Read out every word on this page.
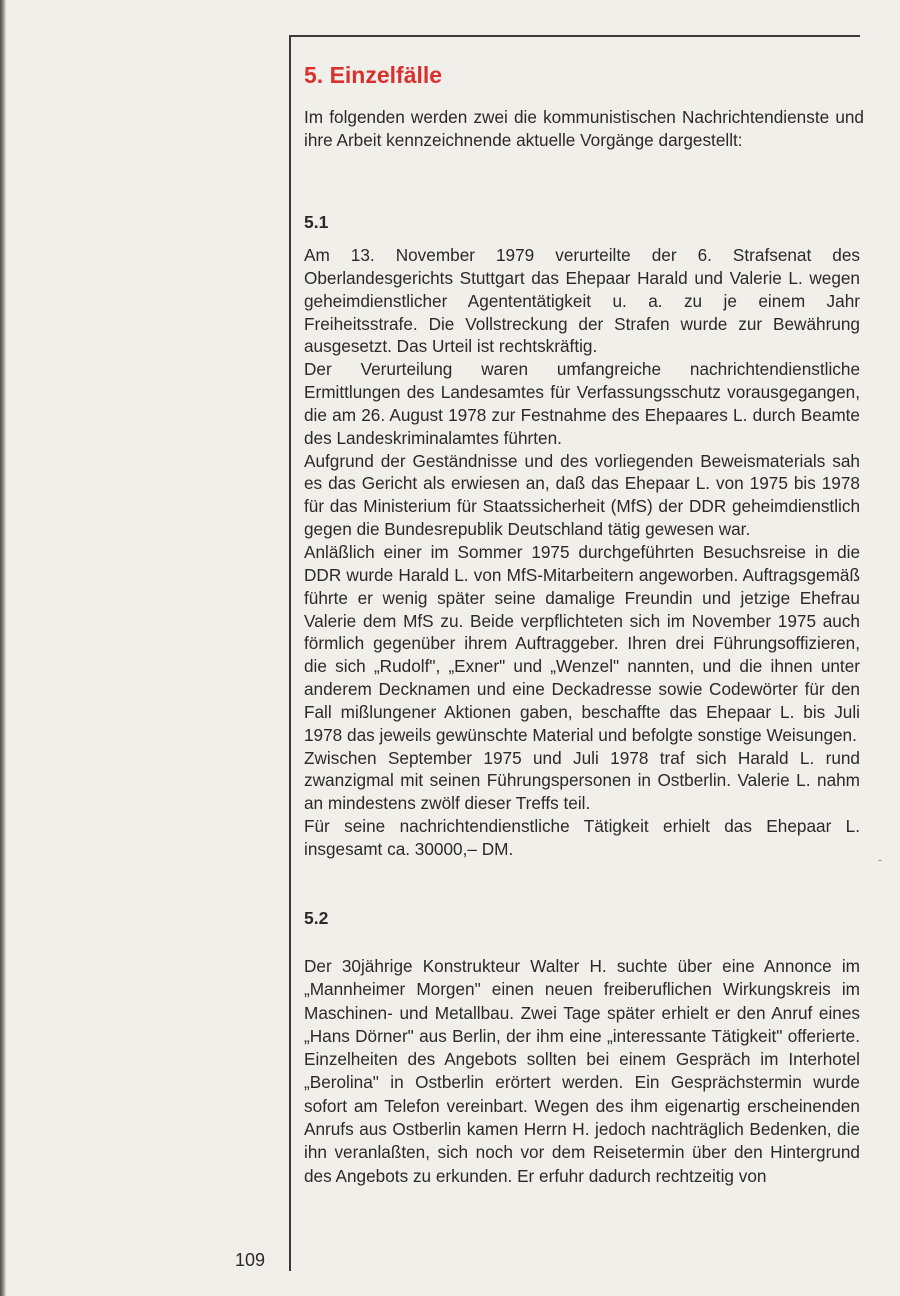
5. Einzelfälle

Im folgenden werden zwei die kommunistischen Nachrichtendienste und ihre Arbeit kennzeichnende aktuelle Vorgänge dargestellt:

5.1

Am 13. November 1979 verurteilte der 6. Strafsenat des Oberlandesgerichts Stuttgart das Ehepaar Harald und Valerie L. wegen geheimdienstlicher Agententätigkeit u. a. zu je einem Jahr Freiheitsstrafe. Die Vollstreckung der Strafen wurde zur Bewährung ausgesetzt. Das Urteil ist rechtskräftig.

Der Verurteilung waren umfangreiche nachrichtendienstliche Ermittlungen des Landesamtes für Verfassungsschutz vorausgegangen, die am 26. August 1978 zur Festnahme des Ehepaares L. durch Beamte des Landeskriminalamtes führten.

Aufgrund der Geständnisse und des vorliegenden Beweismaterials sah es das Gericht als erwiesen an, daß das Ehepaar L. von 1975 bis 1978 für das Ministerium für Staatssicherheit (MfS) der DDR geheimdienstlich gegen die Bundesrepublik Deutschland tätig gewesen war.

Anläßlich einer im Sommer 1975 durchgeführten Besuchsreise in die DDR wurde Harald L. von MfS-Mitarbeitern angeworben. Auftragsgemäß führte er wenig später seine damalige Freundin und jetzige Ehefrau Valerie dem MfS zu. Beide verpflichteten sich im November 1975 auch förmlich gegenüber ihrem Auftraggeber. Ihren drei Führungsoffizieren, die sich „Rudolf", „Exner" und „Wenzel" nannten, und die ihnen unter anderem Decknamen und eine Deckadresse sowie Codewörter für den Fall mißlungener Aktionen gaben, beschaffte das Ehepaar L. bis Juli 1978 das jeweils gewünschte Material und befolgte sonstige Weisungen.

Zwischen September 1975 und Juli 1978 traf sich Harald L. rund zwanzigmal mit seinen Führungspersonen in Ostberlin. Valerie L. nahm an mindestens zwölf dieser Treffs teil.

Für seine nachrichtendienstliche Tätigkeit erhielt das Ehepaar L. insgesamt ca. 30000,– DM.

5.2

Der 30jährige Konstrukteur Walter H. suchte über eine Annonce im „Mannheimer Morgen" einen neuen freiberuflichen Wirkungskreis im Maschinen- und Metallbau. Zwei Tage später erhielt er den Anruf eines „Hans Dörner" aus Berlin, der ihm eine „interessante Tätigkeit" offerierte. Einzelheiten des Angebots sollten bei einem Gespräch im Interhotel „Berolina" in Ostberlin erörtert werden. Ein Gesprächstermin wurde sofort am Telefon vereinbart. Wegen des ihm eigenartig erscheinenden Anrufs aus Ostberlin kamen Herrn H. jedoch nachträglich Bedenken, die ihn veranlaßten, sich noch vor dem Reisetermin über den Hintergrund des Angebots zu erkunden. Er erfuhr dadurch rechtzeitig von

109
